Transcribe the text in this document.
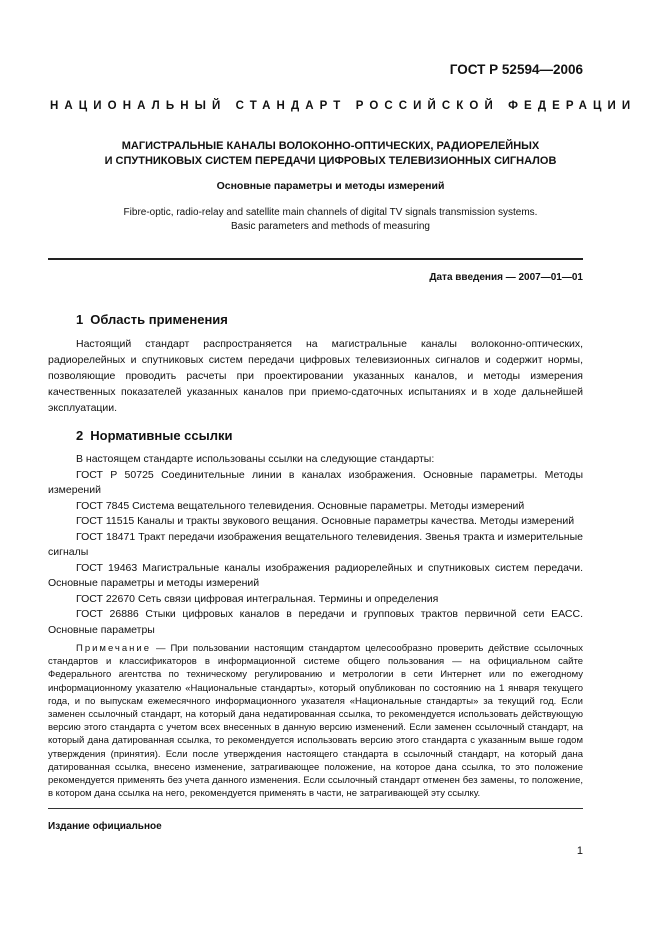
ГОСТ Р 52594—2006
НАЦИОНАЛЬНЫЙ СТАНДАРТ РОССИЙСКОЙ ФЕДЕРАЦИИ
МАГИСТРАЛЬНЫЕ КАНАЛЫ ВОЛОКОННО-ОПТИЧЕСКИХ, РАДИОРЕЛЕЙНЫХ
И СПУТНИКОВЫХ СИСТЕМ ПЕРЕДАЧИ ЦИФРОВЫХ ТЕЛЕВИЗИОННЫХ СИГНАЛОВ
Основные параметры и методы измерений
Fibre-optic, radio-relay and satellite main channels of digital TV signals transmission systems.
Basic parameters and methods of measuring
Дата введения — 2007—01—01

1 Область применения

Настоящий стандарт распространяется на магистральные каналы волоконно-оптических, радиорелейных и спутниковых систем передачи цифровых телевизионных сигналов и содержит нормы, позволяющие проводить расчеты при проектировании указанных каналов, и методы измерения качественных показателей указанных каналов при приемо-сдаточных испытаниях и в ходе дальнейшей эксплуатации.

2 Нормативные ссылки

В настоящем стандарте использованы ссылки на следующие стандарты:

ГОСТ Р 50725 Соединительные линии в каналах изображения. Основные параметры. Методы измерений

ГОСТ 7845 Система вещательного телевидения. Основные параметры. Методы измерений

ГОСТ 11515 Каналы и тракты звукового вещания. Основные параметры качества. Методы измерений

ГОСТ 18471 Тракт передачи изображения вещательного телевидения. Звенья тракта и измерительные сигналы

ГОСТ 19463 Магистральные каналы изображения радиорелейных и спутниковых систем передачи. Основные параметры и методы измерений

ГОСТ 22670 Сеть связи цифровая интегральная. Термины и определения

ГОСТ 26886 Стыки цифровых каналов в передачи и групповых трактов первичной сети ЕАСС. Основные параметры

Примечание — При пользовании настоящим стандартом целесообразно проверить действие ссылочных стандартов и классификаторов в информационной системе общего пользования — на официальном сайте Федерального агентства по техническому регулированию и метрологии в сети Интернет или по ежегодному информационному указателю «Национальные стандарты», который опубликован по состоянию на 1 января текущего года, и по выпускам ежемесячного информационного указателя «Национальные стандарты» за текущий год. Если заменен ссылочный стандарт, на который дана недатированная ссылка, то рекомендуется использовать действующую версию этого стандарта с учетом всех внесенных в данную версию изменений. Если заменен ссылочный стандарт, на который дана датированная ссылка, то рекомендуется использовать версию этого стандарта с указанным выше годом утверждения (принятия). Если после утверждения настоящего стандарта в ссылочный стандарт, на который дана датированная ссылка, внесено изменение, затрагивающее положение, на которое дана ссылка, то это положение рекомендуется применять без учета данного изменения. Если ссылочный стандарт отменен без замены, то положение, в котором дана ссылка на него, рекомендуется применять в части, не затрагивающей эту ссылку.

Издание официальное
1
